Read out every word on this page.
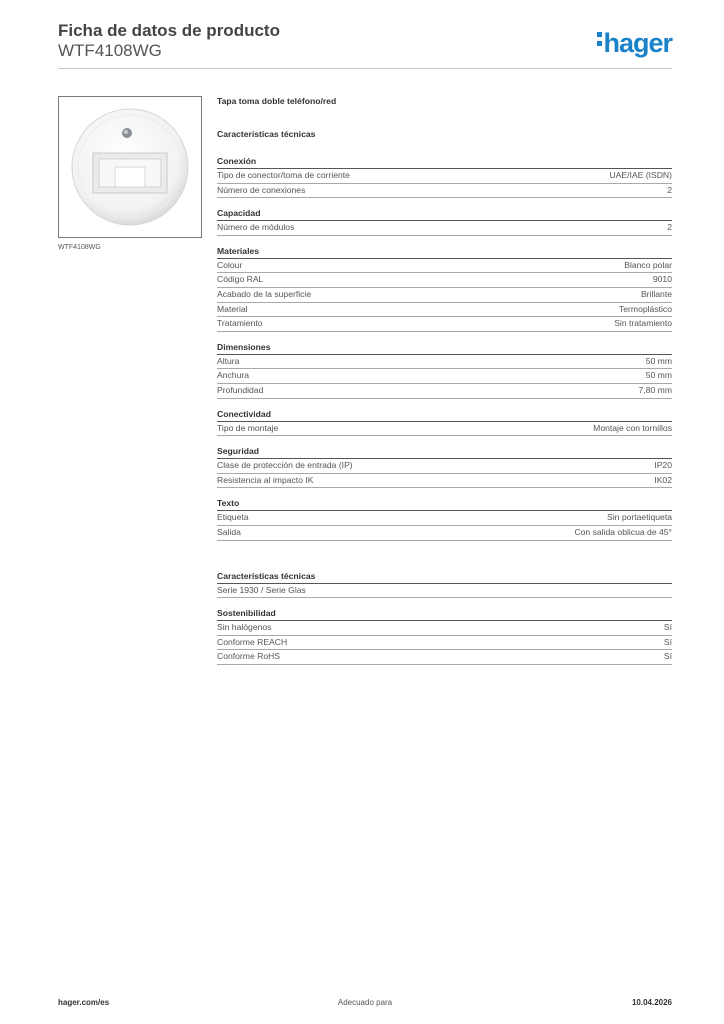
Ficha de datos de producto

WTF4108WG	hager
WTF4108WG
Tapa toma doble teléfono/red
Características técnicas
Conexión
Tipo de conector/toma de corriente	UAE/IAE (ISDN)
Número de conexiones	2
Capacidad
Número de módulos	2
Materiales
Colour	Blanco polar
Código RAL	9010
Acabado de la superficie	Brillante
Material	Termoplástico
Tratamiento	Sin tratamiento
Dimensiones
Altura	50 mm
Anchura	50 mm
Profundidad	7,80 mm
Conectividad
Tipo de montaje	Montaje con tornillos
Seguridad
Clase de protección de entrada (IP)	IP20
Resistencia al impacto IK	IK02
Texto
Etiqueta	Sin portaetiqueta
Salida	Con salida oblicua de 45°
Características técnicas
Serie 1930 / Serie Glas
Sostenibilidad
Sin halógenos	Sí
Conforme REACH	Sí
Conforme RoHS	Sí
hager.com/es	Adecuado para	10.04.2026
